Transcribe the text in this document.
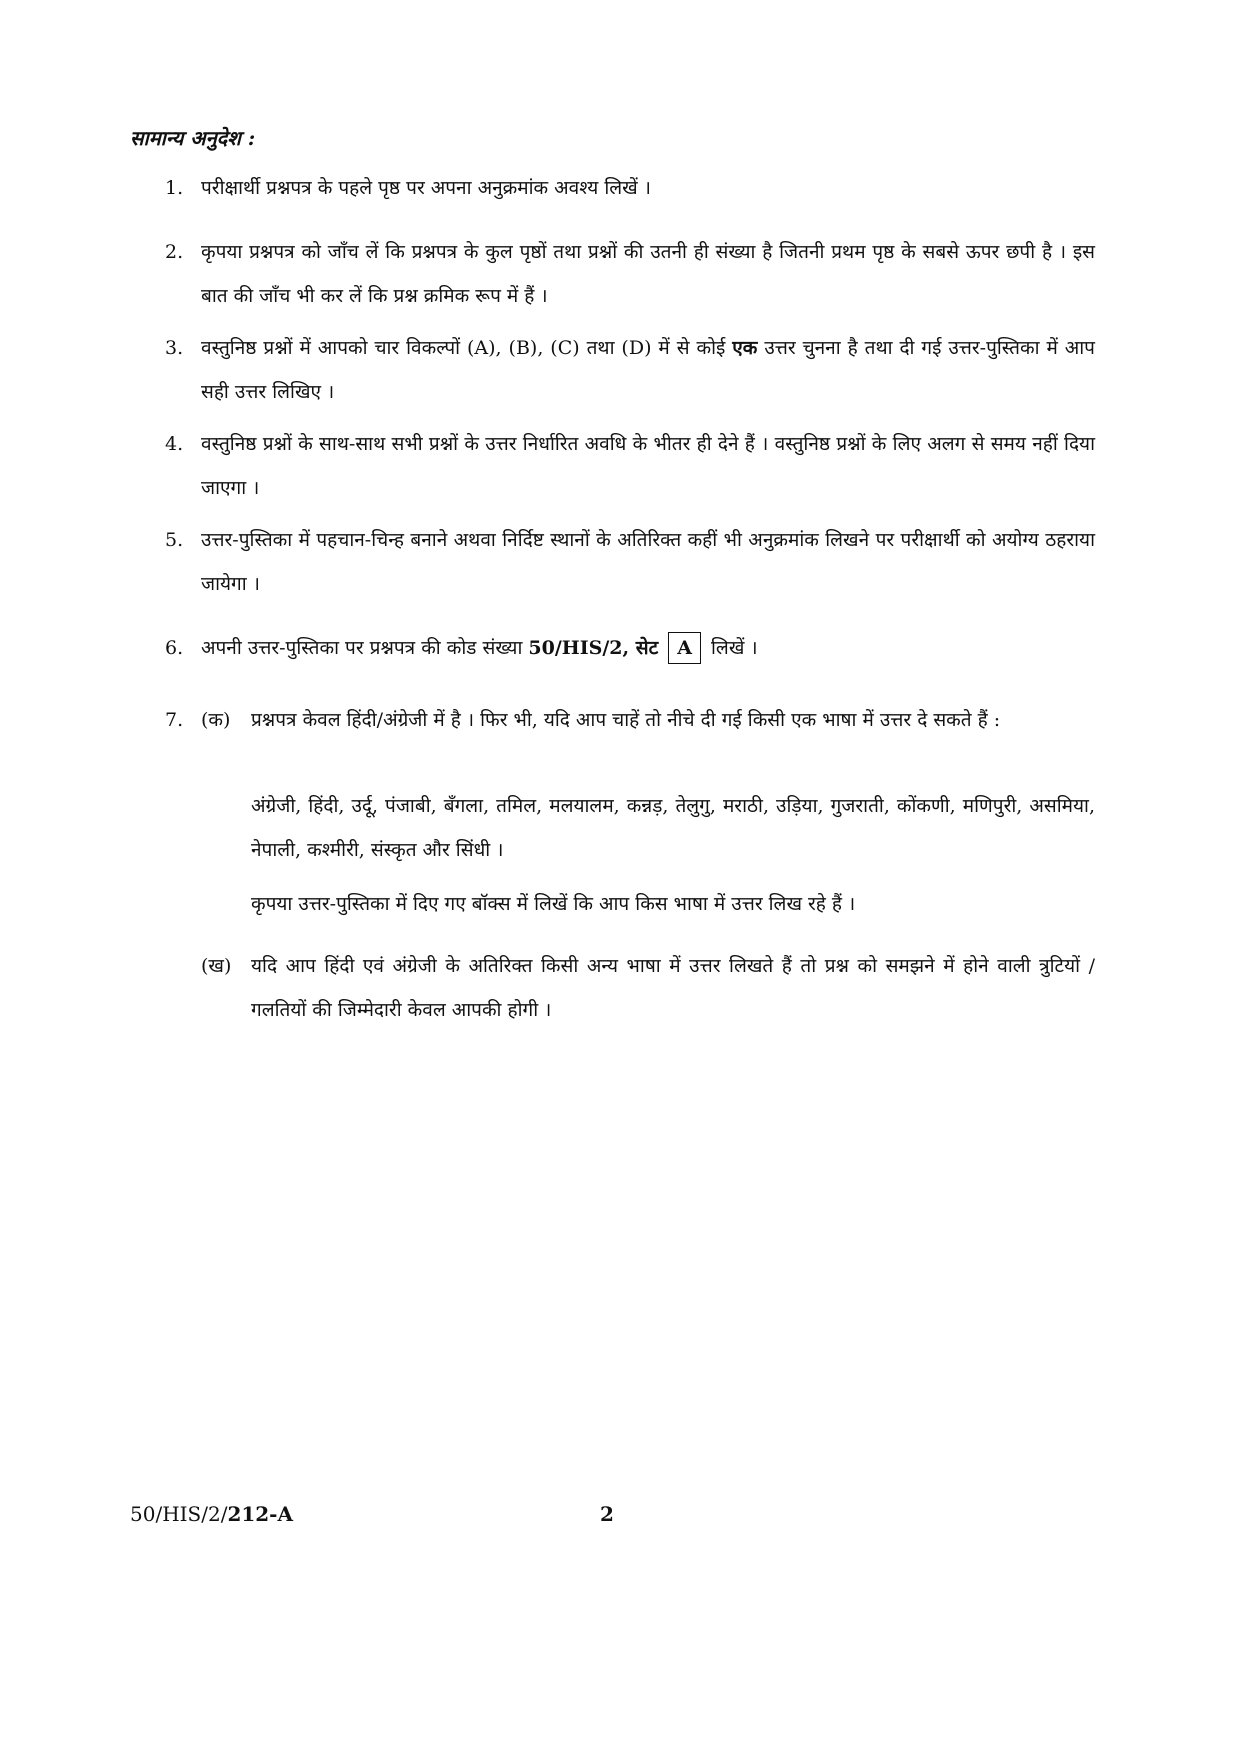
सामान्य अनुदेश :
1. परीक्षार्थी प्रश्नपत्र के पहले पृष्ठ पर अपना अनुक्रमांक अवश्य लिखें ।
2. कृपया प्रश्नपत्र को जाँच लें कि प्रश्नपत्र के कुल पृष्ठों तथा प्रश्नों की उतनी ही संख्या है जितनी प्रथम पृष्ठ के सबसे ऊपर छपी है । इस बात की जाँच भी कर लें कि प्रश्न क्रमिक रूप में हैं ।
3. वस्तुनिष्ठ प्रश्नों में आपको चार विकल्पों (A), (B), (C) तथा (D) में से कोई एक उत्तर चुनना है तथा दी गई उत्तर-पुस्तिका में आप सही उत्तर लिखिए ।
4. वस्तुनिष्ठ प्रश्नों के साथ-साथ सभी प्रश्नों के उत्तर निर्धारित अवधि के भीतर ही देने हैं । वस्तुनिष्ठ प्रश्नों के लिए अलग से समय नहीं दिया जाएगा ।
5. उत्तर-पुस्तिका में पहचान-चिन्ह बनाने अथवा निर्दिष्ट स्थानों के अतिरिक्त कहीं भी अनुक्रमांक लिखने पर परीक्षार्थी को अयोग्य ठहराया जायेगा ।
6. अपनी उत्तर-पुस्तिका पर प्रश्नपत्र की कोड संख्या 50/HIS/2, सेट A लिखें ।
7. (क)	प्रश्नपत्र केवल हिंदी/अंग्रेजी में है । फिर भी, यदि आप चाहें तो नीचे दी गई किसी एक भाषा में उत्तर दे सकते हैं :
अंग्रेजी, हिंदी, उर्दू, पंजाबी, बँगला, तमिल, मलयालम, कन्नड़, तेलुगु, मराठी, उड़िया, गुजराती, कोंकणी, मणिपुरी, असमिया, नेपाली, कश्मीरी, संस्कृत और सिंधी ।
कृपया उत्तर-पुस्तिका में दिए गए बॉक्स में लिखें कि आप किस भाषा में उत्तर लिख रहे हैं ।
(ख)	यदि आप हिंदी एवं अंग्रेजी के अतिरिक्त किसी अन्य भाषा में उत्तर लिखते हैं तो प्रश्न को समझने में होने वाली त्रुटियों / गलतियों की जिम्मेदारी केवल आपकी होगी ।
50/HIS/2/212-A	2
